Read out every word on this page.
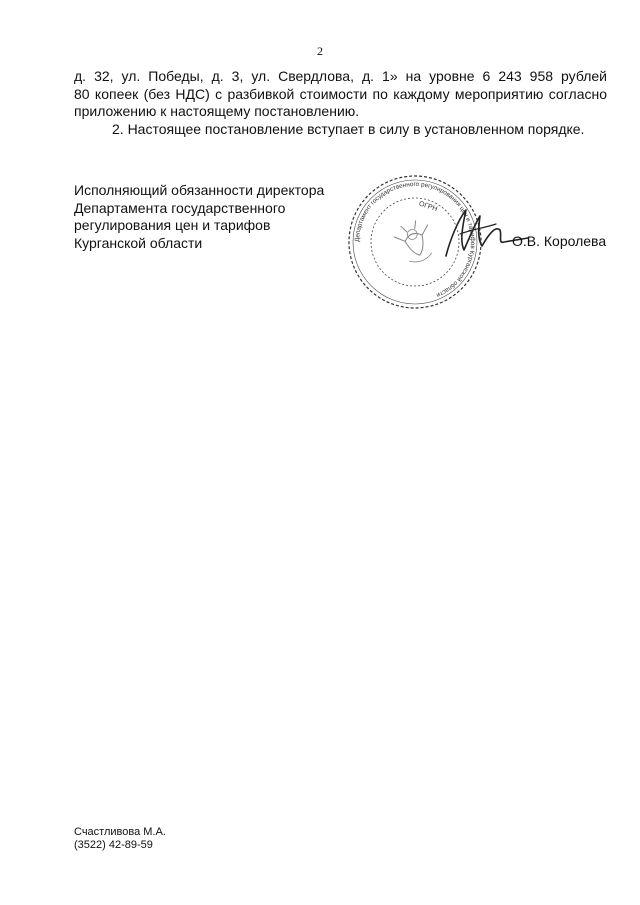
2

д. 32, ул. Победы, д. 3, ул. Свердлова, д. 1» на уровне 6 243 958 рублей

80 копеек (без НДС) с разбивкой стоимости по каждому мероприятию согласно

приложению к настоящему постановлению.

2. Настоящее постановление вступает в силу в установленном порядке.

Исполняющий обязанности директора
Департамента государственного
регулирования цен и тарифов
Курганской области
ОГРН
Департамент государственного регулирования цен и тарифов Курганской области
О.В. Королева
Счастливова М.А.
(3522) 42-89-59
